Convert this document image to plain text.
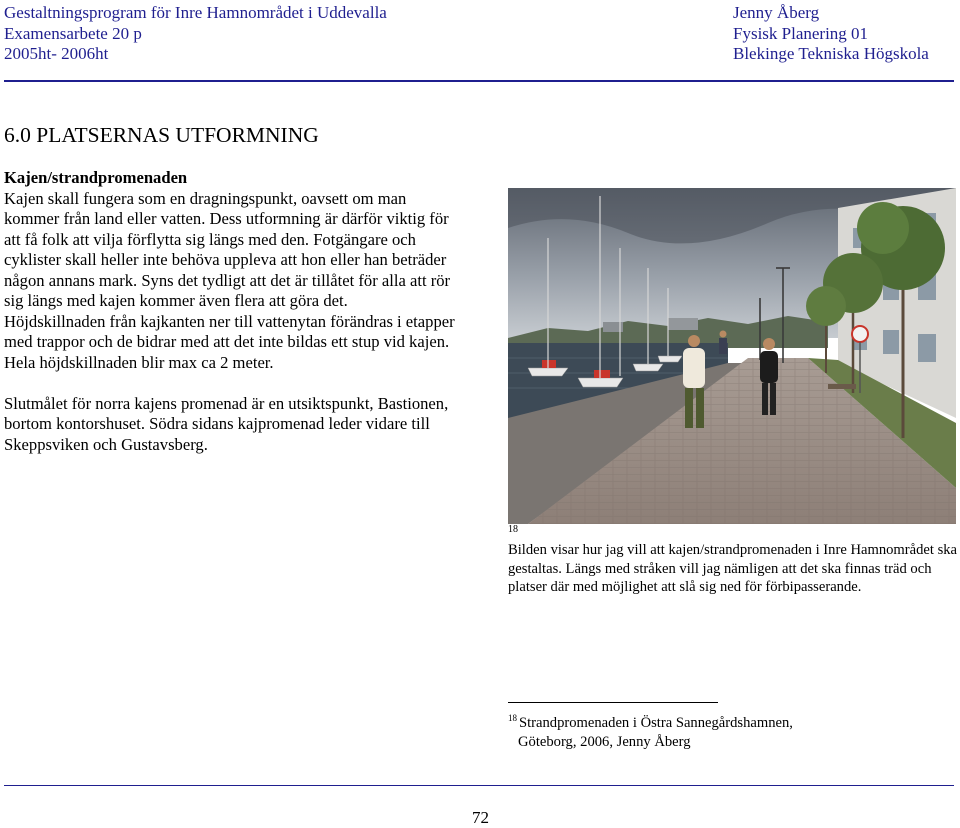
Gestaltningsprogram för Inre Hamnområdet i Uddevalla
Examensarbete 20 p
2005ht- 2006ht
Jenny Åberg
Fysisk Planering 01
Blekinge Tekniska Högskola
6.0 PLATSERNAS UTFORMNING
Kajen/strandpromenaden

Kajen skall fungera som en dragningspunkt, oavsett om man kommer från land eller vatten. Dess utformning är därför viktig för att få folk att vilja förflytta sig längs med den. Fotgängare och cyklister skall heller inte behöva uppleva att hon eller han beträder någon annans mark. Syns det tydligt att det är tillåtet för alla att rör sig längs med kajen kommer även flera att göra det.

Höjdskillnaden från kajkanten ner till vattenytan förändras i etapper med trappor och de bidrar med att det inte bildas ett stup vid kajen. Hela höjdskillnaden blir max ca 2 meter.

Slutmålet för norra kajens promenad är en utsiktspunkt, Bastionen, bortom kontorshuset. Södra sidans kajpromenad leder vidare till Skeppsviken och Gustavsberg.

18
Bilden visar hur jag vill att kajen/strandpromenaden i Inre Hamnområdet ska gestaltas. Längs med stråken vill jag nämligen att det ska finnas träd och platser där med möjlighet att slå sig ned för förbipasserande.
$^{18}$ Strandpromenaden i Östra Sannegårdshamnen,
Göteborg, 2006, Jenny Åberg
72
